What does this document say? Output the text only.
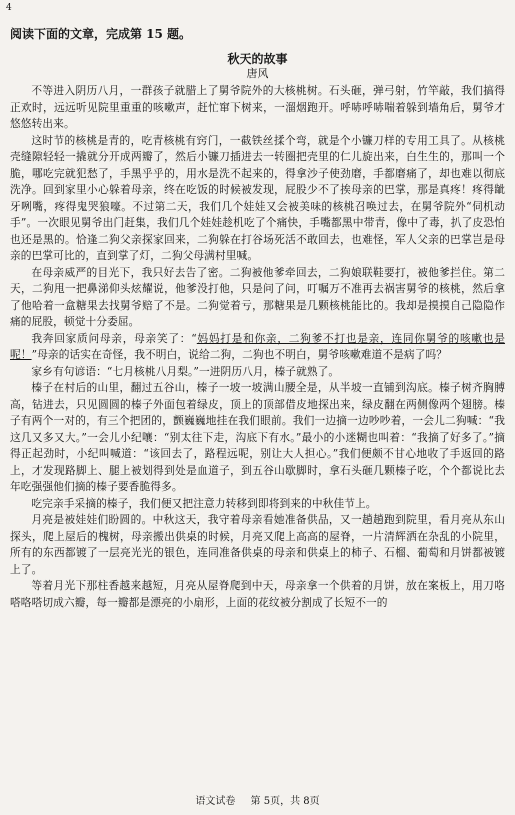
4

阅读下面的文章，完成第 15 题。

秋天的故事

唐风

不等进入阴历八月，一群孩子就腊上了舅爷院外的大核桃树。石头砸，弹弓射，竹竿敲，我们搞得正欢时，远远听见院里重重的咳嗽声，赶忙窜下树来，一溜烟跑开。呼哧呼哧喘着躲到墙角后，舅爷才悠悠转出来。

这时节的核桃是青的，吃青核桃有窍门，一截铁丝揉个弯，就是个小镰刀样的专用工具了。从核桃壳缝隙轻轻一撬就分开成两瓣了，然后小镰刀插进去一转圈把壳里的仁儿旋出来，白生生的，那叫一个脆，哪吃完就犯愁了，手黑乎乎的，用水是洗不起来的，得拿沙子使劲磨，手都磨痛了，却也难以彻底洗净。回到家里小心躲着母亲，终在吃饭的时候被发现，屁股少不了挨母亲的巴掌，那是真疼！疼得龇牙咧嘴，疼得鬼哭狼嚎。不过第二天，我们几个娃娃又会被美味的核桃召唤过去，在舅爷院外“伺机动手”。一次眼见舅爷出门赶集，我们几个娃娃趁机吃了个痛快，手嘴都黑中带青，像中了毒，扒了皮恐怕也还是黑的。恰逢二狗父亲探家回来，二狗躲在打谷场死活不敢回去，也难怪，军人父亲的巴掌岂是母亲的巴掌可比的，直到掌了灯，二狗父母满村里喊。

在母亲威严的目光下，我只好去告了密。二狗被他爹牵回去，二狗娘联鞋要打，被他爹拦住。第二天，二狗甩一把鼻涕仰头炫耀说，他爹没打他，只是问了问，叮嘱万不准再去祸害舅爷的核桃，然后拿了他哈着一盒糖果去找舅爷赔了不是。二狗觉着亏，那糖果是几颗核桃能比的。我却是摸摸自己隐隐作痛的屁股，顿觉十分委屈。

我奔回家质问母亲，母亲笑了：“妈妈打是和你亲，二狗爹不打也是亲，连同你舅爷的咳嗽也是呢！”母亲的话实在奇怪，我不明白，说给二狗，二狗也不明白，舅爷咳嗽难道不是病了吗？

家乡有句谚语：“七月核桃八月梨。”一进阴历八月，榛子就熟了。

榛子在村后的山里，翻过五谷山，榛子一坡一坡满山腰全是，从半坡一直铺到沟底。榛子树齐胸膊高，钻进去，只见圆圆的榛子外面包着绿皮，顶上的顶部借皮地探出来，绿皮翻在两侧像两个翅膀。榛子有两个一对的，有三个把团的，颤巍巍地挂在我们眼前。我们一边摘一边吵吵着，一会儿二狗喊：“我这几又多又大。”一会儿小纪嚷：“别太往下走，沟底下有水。”最小的小迷糊也叫着：“我摘了好多了。”摘得正起劲时，小纪叫喊道：“该回去了，路程远呢，别让大人担心。”我们便颇不甘心地收了手返回的路上，才发现路脚上、腿上被划得到处是血道子，到五谷山歇脚时，拿石头砸几颗榛子吃，个个都说比去年吃强强他们摘的榛子要香脆得多。

吃完亲手采摘的榛子，我们便又把注意力转移到即将到来的中秋佳节上。

月亮是被娃娃们盼圆的。中秋这天，我守着母亲看她准备供品，又一趟趟跑到院里，看月亮从东山探头，爬上屋后的槐树，母亲搬出供桌的时候，月亮又爬上高高的屋脊，一片清辉洒在杂乱的小院里，所有的东西都镀了一层亮光光的银色，连同准备供桌的母亲和供桌上的柿子、石榴、葡萄和月饼都被镀上了。

等着月光下那柱香越来越短，月亮从屋脊爬到中天，母亲拿一个供着的月饼，放在案板上，用刀咯嗒咯嗒切成六瓣，每一瓣都是漂亮的小扇形，上面的花纹被分割成了长短不一的

语文试卷 第 5页，共 8页
